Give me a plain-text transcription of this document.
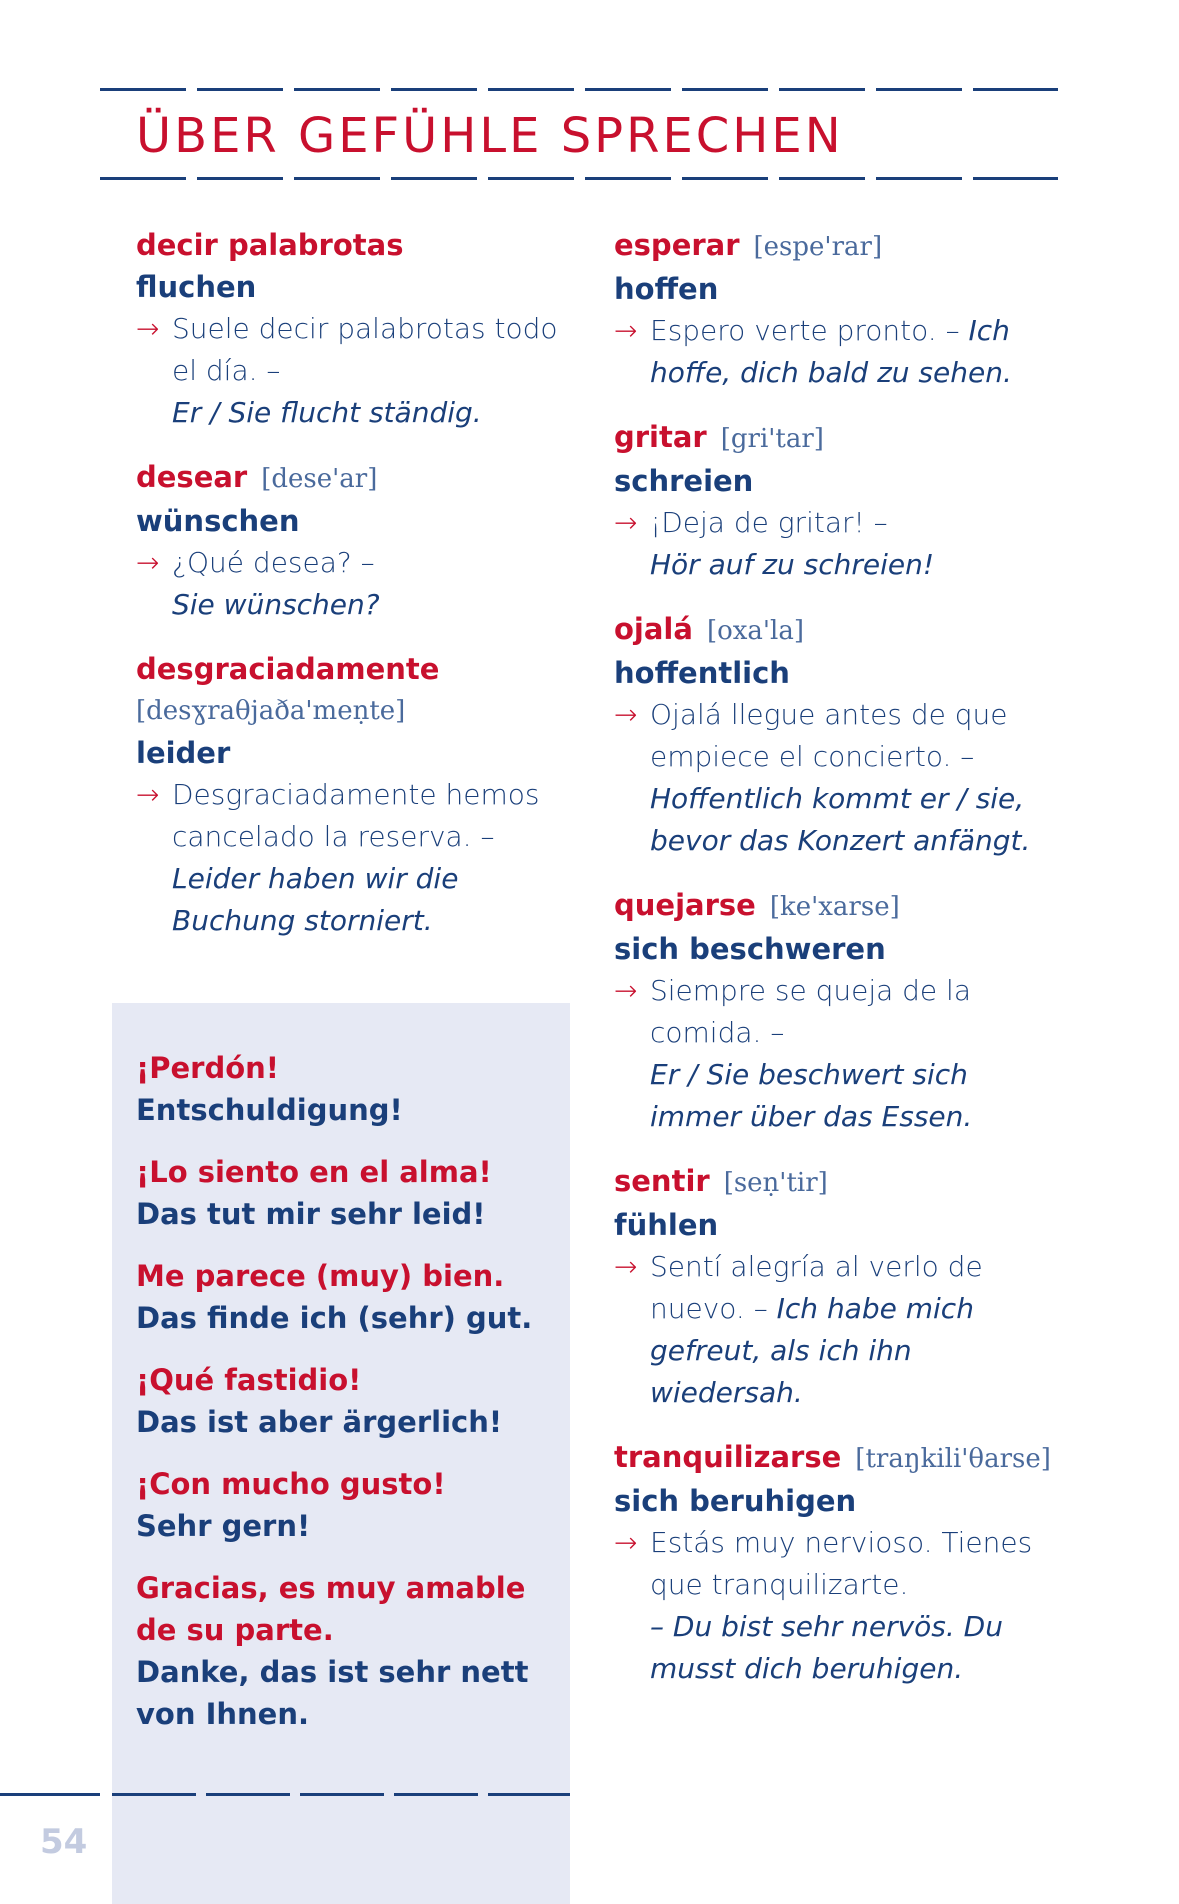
ÜBER GEFÜHLE SPRECHEN
decir palabrotas
fluchen
→ Suele decir palabrotas todo el día. –
Er / Sie flucht ständig.
desear [dese'ar]
wünschen
→ ¿Qué desea? –
Sie wünschen?
desgraciadamente
[desɣraθjaða'meṇte]
leider
→ Desgraciadamente hemos cancelado la reserva. –
Leider haben wir die Buchung storniert.
¡Perdón!
Entschuldigung!
¡Lo siento en el alma!
Das tut mir sehr leid!
Me parece (muy) bien.
Das finde ich (sehr) gut.
¡Qué fastidio!
Das ist aber ärgerlich!
¡Con mucho gusto!
Sehr gern!
Gracias, es muy amable de su parte.
Danke, das ist sehr nett von Ihnen.
esperar [espe'rar]
hoffen
→ Espero verte pronto. – Ich hoffe, dich bald zu sehen.
gritar [gri'tar]
schreien
→ ¡Deja de gritar! –
Hör auf zu schreien!
ojalá [oxa'la]
hoffentlich
→ Ojalá llegue antes de que empiece el concierto. – Hoffentlich kommt er / sie, bevor das Konzert anfängt.
quejarse [ke'xarse]
sich beschweren
→ Siempre se queja de la comida. –
Er / Sie beschwert sich immer über das Essen.
sentir [seṇ'tir]
fühlen
→ Sentí alegría al verlo de nuevo. – Ich habe mich gefreut, als ich ihn wiedersah.
tranquilizarse [traŋkili'θarse]
sich beruhigen
→ Estás muy nervioso. Tienes que tranquilizarte.
– Du bist sehr nervös. Du musst dich beruhigen.
54
